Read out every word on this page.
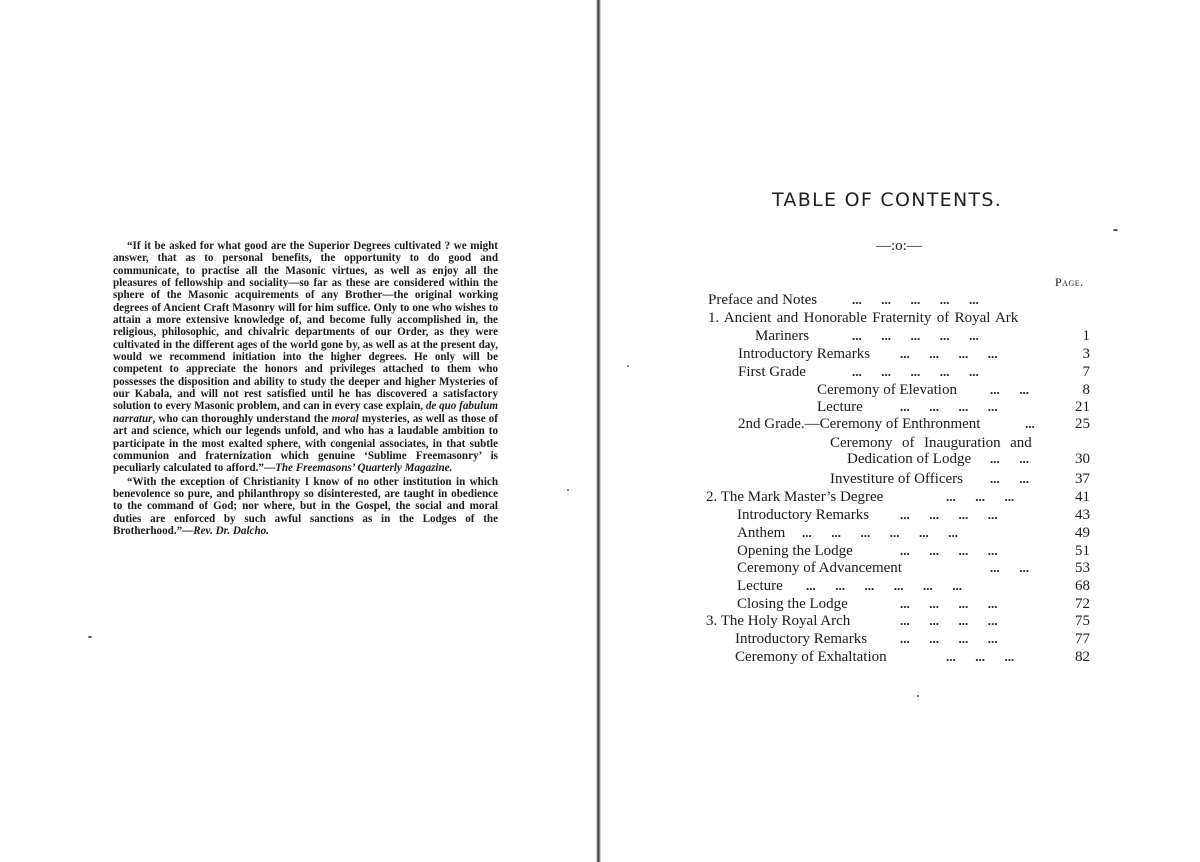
“If it be asked for what good are the Superior Degrees cultivated ? we might answer, that as to personal benefits, the opportunity to do good and communicate, to practise all the Masonic virtues, as well as enjoy all the pleasures of fellowship and sociality—so far as these are considered within the sphere of the Masonic acquirements of any Brother—the original working degrees of Ancient Craft Masonry will for him suffice. Only to one who wishes to attain a more extensive knowledge of, and become fully accomplished in, the religious, philosophic, and chivalric departments of our Order, as they were cultivated in the different ages of the world gone by, as well as at the present day, would we recommend initiation into the higher degrees. He only will be competent to appreciate the honors and privileges attached to them who possesses the disposition and ability to study the deeper and higher Mysteries of our Kabala, and will not rest satisfied until he has discovered a satisfactory solution to every Masonic problem, and can in every case explain, de quo fabulum narratur, who can thoroughly understand the moral mysteries, as well as those of art and science, which our legends unfold, and who has a laudable ambition to participate in the most exalted sphere, with congenial associates, in that subtle communion and fraternization which genuine ‘Sublime Freemasonry’ is peculiarly calculated to afford.”—The Freemasons’ Quarterly Magazine.

“With the exception of Christianity I know of no other institution in which benevolence so pure, and philanthropy so disinterested, are taught in obedience to the command of God; nor where, but in the Gospel, the social and moral duties are enforced by such awful sanctions as in the Lodges of the Brotherhood.”—Rev. Dr. Dalcho.

TABLE OF CONTENTS.
—:o:—
Page.
Preface and Notes	...      ...      ...      ...      ...
1. Ancient and Honorable Fraternity of Royal Ark
Mariners	...      ...      ...      ...      ...	1
Introductory Remarks ...      ...      ...      ...	3
First Grade	...      ...      ...      ...      ...	7
Ceremony of Elevation	...      ...	8
Lecture	...      ...      ...      ...	21
2nd Grade.—Ceremony of Enthronment	...	25
Ceremony  of  Inauguration  and
Dedication of Lodge ...      ...	30
Investiture of Officers ...      ...	37
2. The Mark Master’s Degree	...      ...      ...	41
Introductory Remarks ...      ...      ...      ...	43
Anthem ...      ...      ...      ...      ...      ...	49
Opening the Lodge	...      ...      ...      ...	51
Ceremony of Advancement	...      ...	53
Lecture ...      ...      ...      ...      ...      ...	68
Closing the Lodge	...      ...      ...      ...	72
3. The Holy Royal Arch	...      ...      ...      ...	75
Introductory Remarks	...      ...      ...      ...	77
Ceremony of Exhaltation	...      ...      ...	82
